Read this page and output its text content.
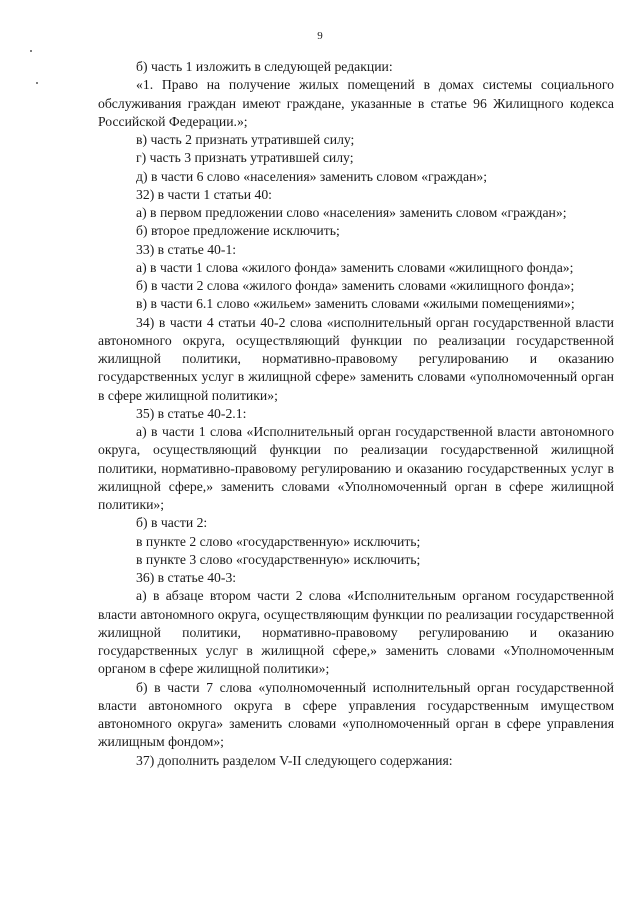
9

б) часть 1 изложить в следующей редакции:

«1. Право на получение жилых помещений в домах системы социального обслуживания граждан имеют граждане, указанные в статье 96 Жилищного кодекса Российской Федерации.»;

в) часть 2 признать утратившей силу;

г) часть 3 признать утратившей силу;

д) в части 6 слово «населения» заменить словом «граждан»;

32) в части 1 статьи 40:

а) в первом предложении слово «населения» заменить словом «граждан»;

б) второе предложение исключить;

33) в статье 40-1:

а) в части 1 слова «жилого фонда» заменить словами «жилищного фонда»;

б) в части 2 слова «жилого фонда» заменить словами «жилищного фонда»;

в) в части 6.1 слово «жильем» заменить словами «жилыми помещениями»;

34) в части 4 статьи 40-2 слова «исполнительный орган государственной власти автономного округа, осуществляющий функции по реализации государственной жилищной политики, нормативно-правовому регулированию и оказанию государственных услуг в жилищной сфере» заменить словами «уполномоченный орган в сфере жилищной политики»;

35) в статье 40-2.1:

а) в части 1 слова «Исполнительный орган государственной власти автономного округа, осуществляющий функции по реализации государственной жилищной политики, нормативно-правовому регулированию и оказанию государственных услуг в жилищной сфере,» заменить словами «Уполномоченный орган в сфере жилищной политики»;

б) в части 2:

в пункте 2 слово «государственную» исключить;

в пункте 3 слово «государственную» исключить;

36) в статье 40-3:

а) в абзаце втором части 2 слова «Исполнительным органом государственной власти автономного округа, осуществляющим функции по реализации государственной жилищной политики, нормативно-правовому регулированию и оказанию государственных услуг в жилищной сфере,» заменить словами «Уполномоченным органом в сфере жилищной политики»;

б) в части 7 слова «уполномоченный исполнительный орган государственной власти автономного округа в сфере управления государственным имуществом автономного округа» заменить словами «уполномоченный орган в сфере управления жилищным фондом»;

37) дополнить разделом V-II следующего содержания:
